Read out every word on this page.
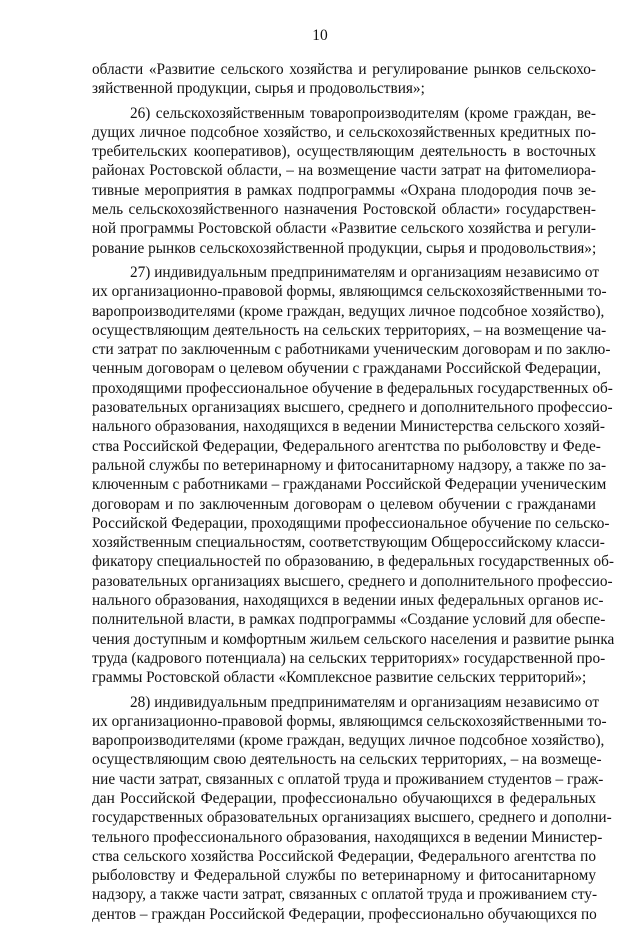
10
области «Развитие сельского хозяйства и регулирование рынков сельскохо-
зяйственной продукции, сырья и продовольствия»;
26) сельскохозяйственным товаропроизводителям (кроме граждан, ве-
дущих личное подсобное хозяйство, и сельскохозяйственных кредитных по-
требительских кооперативов), осуществляющим деятельность в восточных
районах Ростовской области, – на возмещение части затрат на фитомелиора-
тивные мероприятия в рамках подпрограммы «Охрана плодородия почв зе-
мель сельскохозяйственного назначения Ростовской области» государствен-
ной программы Ростовской области «Развитие сельского хозяйства и регули-
рование рынков сельскохозяйственной продукции, сырья и продовольствия»;
27) индивидуальным предпринимателям и организациям независимо от
их организационно-правовой формы, являющимся сельскохозяйственными то-
варопроизводителями (кроме граждан, ведущих личное подсобное хозяйство),
осуществляющим деятельность на сельских территориях, – на возмещение ча-
сти затрат по заключенным с работниками ученическим договорам и по заклю-
ченным договорам о целевом обучении с гражданами Российской Федерации,
проходящими профессиональное обучение в федеральных государственных об-
разовательных организациях высшего, среднего и дополнительного профессио-
нального образования, находящихся в ведении Министерства сельского хозяй-
ства Российской Федерации, Федерального агентства по рыболовству и Феде-
ральной службы по ветеринарному и фитосанитарному надзору, а также по за-
ключенным с работниками – гражданами Российской Федерации ученическим
договорам и по заключенным договорам о целевом обучении с гражданами
Российской Федерации, проходящими профессиональное обучение по сельско-
хозяйственным специальностям, соответствующим Общероссийскому класси-
фикатору специальностей по образованию, в федеральных государственных об-
разовательных организациях высшего, среднего и дополнительного профессио-
нального образования, находящихся в ведении иных федеральных органов ис-
полнительной власти, в рамках подпрограммы «Создание условий для обеспе-
чения доступным и комфортным жильем сельского населения и развитие рынка
труда (кадрового потенциала) на сельских территориях» государственной про-
граммы Ростовской области «Комплексное развитие сельских территорий»;
28) индивидуальным предпринимателям и организациям независимо от
их организационно-правовой формы, являющимся сельскохозяйственными то-
варопроизводителями (кроме граждан, ведущих личное подсобное хозяйство),
осуществляющим свою деятельность на сельских территориях, – на возмеще-
ние части затрат, связанных с оплатой труда и проживанием студентов – граж-
дан Российской Федерации, профессионально обучающихся в федеральных
государственных образовательных организациях высшего, среднего и дополни-
тельного профессионального образования, находящихся в ведении Министер-
ства сельского хозяйства Российской Федерации, Федерального агентства по
рыболовству и Федеральной службы по ветеринарному и фитосанитарному
надзору, а также части затрат, связанных с оплатой труда и проживанием сту-
дентов – граждан Российской Федерации, профессионально обучающихся по
